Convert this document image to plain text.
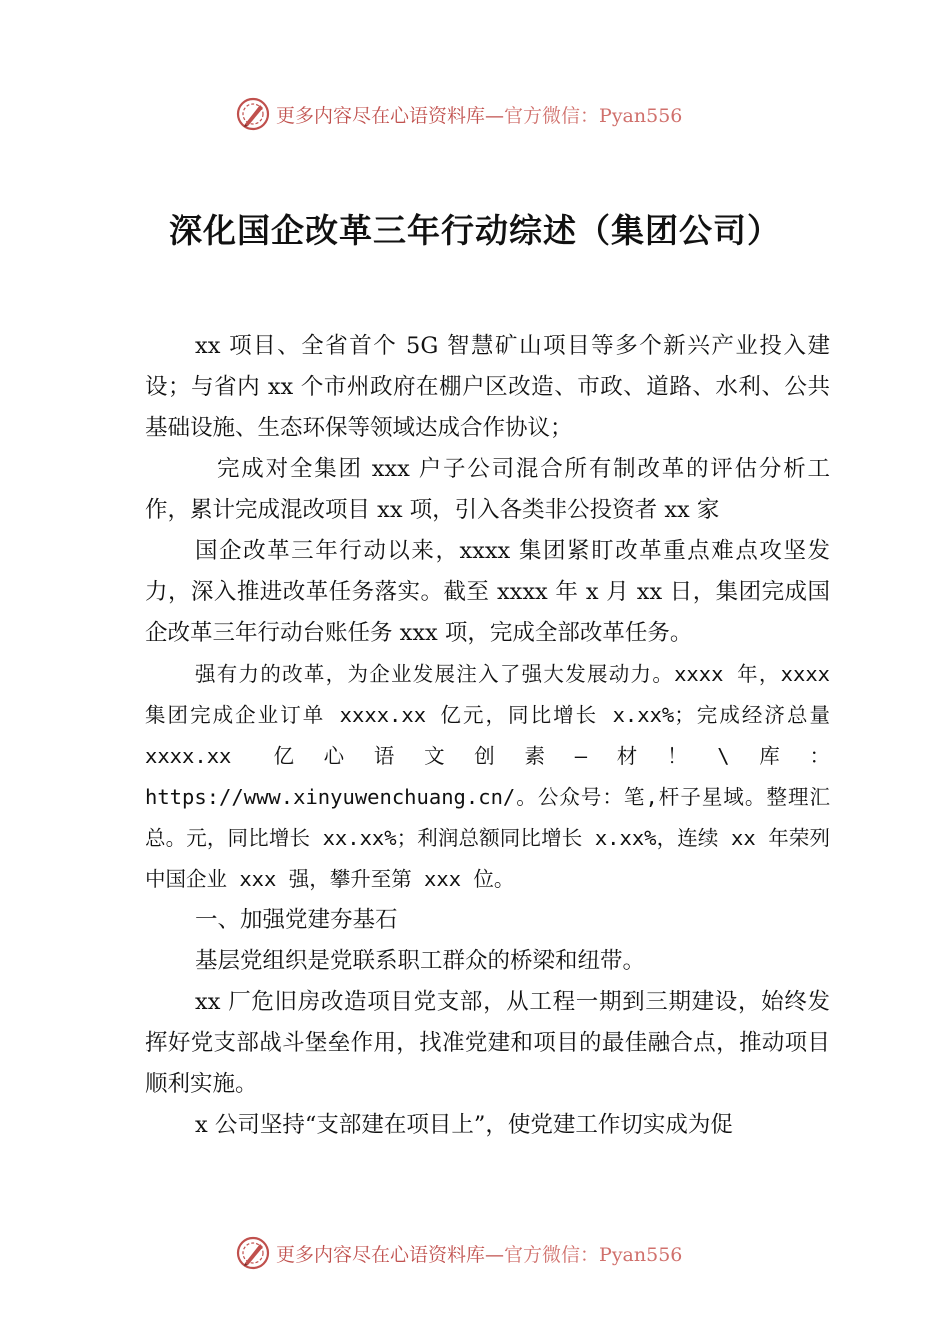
更多内容尽在心语资料库—官方微信：Pyan556
深化国企改革三年行动综述（集团公司）

xx 项目、全省首个 5G 智慧矿山项目等多个新兴产业投入建设；与省内 xx 个市州政府在棚户区改造、市政、道路、水利、公共基础设施、生态环保等领域达成合作协议；

完成对全集团 xxx 户子公司混合所有制改革的评估分析工作，累计完成混改项目 xx 项，引入各类非公投资者 xx 家

国企改革三年行动以来，xxxx 集团紧盯改革重点难点攻坚发力，深入推进改革任务落实。截至 xxxx 年 x 月 xx 日，集团完成国企改革三年行动台账任务 xxx 项，完成全部改革任务。

强有力的改革，为企业发展注入了强大发展动力。xxxx 年，xxxx 集团完成企业订单 xxxx.xx 亿元，同比增长 x.xx%；完成经济总量 xxxx.xx 亿心语文创素—材！\库：https://www.xinyuwenchuang.cn/。公众号：笔,杆子星域。整理汇总。元，同比增长 xx.xx%；利润总额同比增长 x.xx%，连续 xx 年荣列中国企业 xxx 强，攀升至第 xxx 位。

一、加强党建夯基石

基层党组织是党联系职工群众的桥梁和纽带。

xx 厂危旧房改造项目党支部，从工程一期到三期建设，始终发挥好党支部战斗堡垒作用，找准党建和项目的最佳融合点，推动项目顺利实施。

x 公司坚持“支部建在项目上”，使党建工作切实成为促

更多内容尽在心语资料库—官方微信：Pyan556
